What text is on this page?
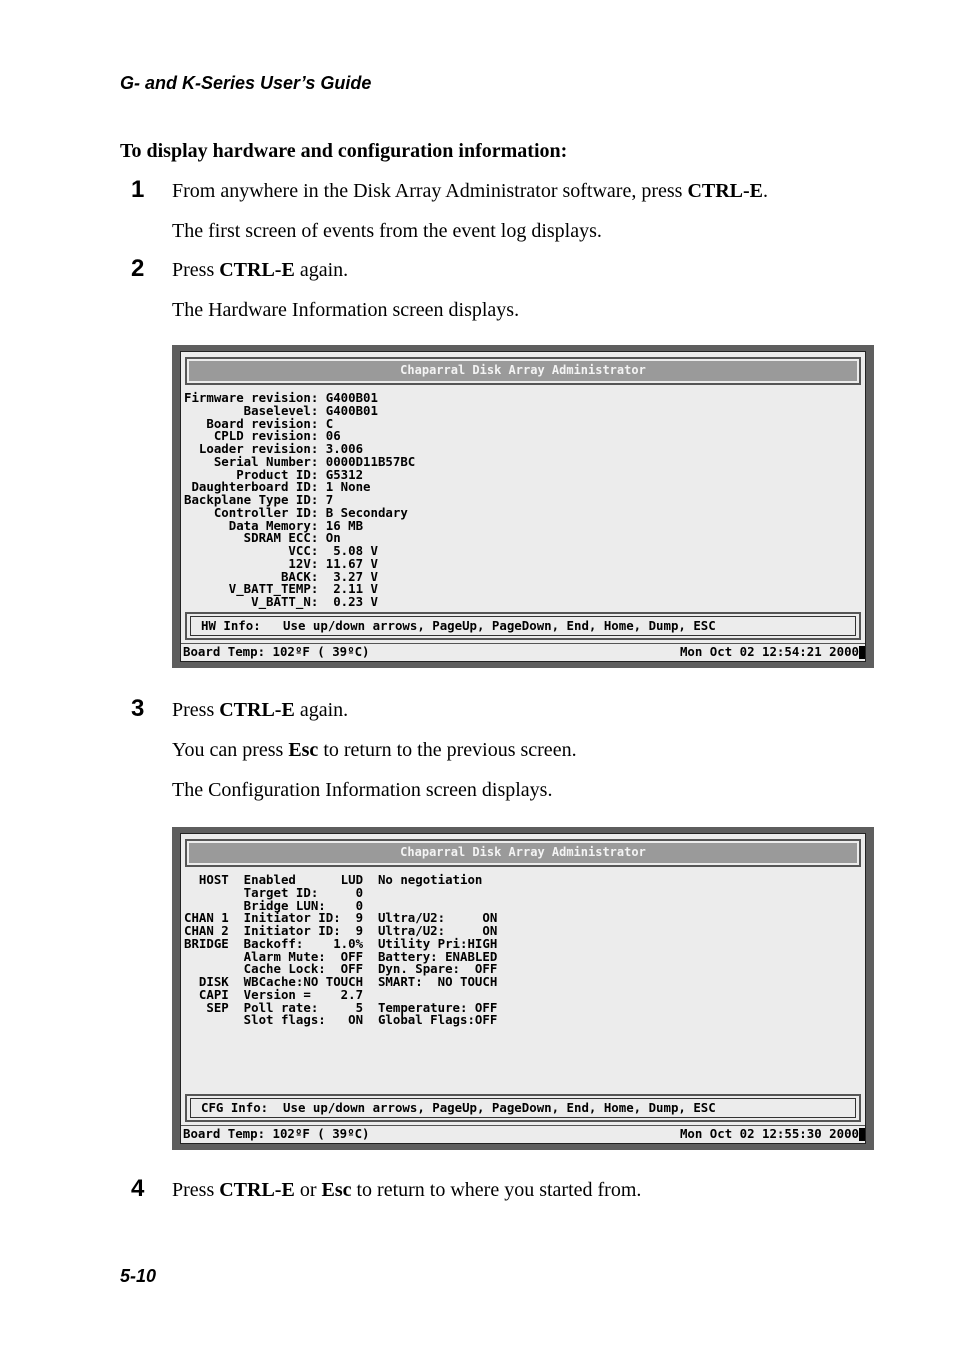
G- and K-Series User’s Guide
To display hardware and configuration information:
1 From anywhere in the Disk Array Administrator software, press CTRL-E.
The first screen of events from the event log displays.
2 Press CTRL-E again.
The Hardware Information screen displays.
Chaparral Disk Array Administrator
Firmware revision: G400B01
Baselevel: G400B01
Board revision: C
CPLD revision: 06
Loader revision: 3.006
Serial Number: 0000D11B57BC
Product ID: G5312
Daughterboard ID: 1 None
Backplane Type ID: 7
Controller ID: B Secondary
Data Memory: 16 MB
SDRAM ECC: On
VCC:  5.08 V
12V: 11.67 V
BACK:  3.27 V
V_BATT_TEMP:  2.11 V
V_BATT_N:  0.23 V
HW Info:   Use up/down arrows, PageUp, PageDown, End, Home, Dump, ESC

Board Temp: 102ºF ( 39ºC)

	Mon Oct 02 12:54:21 2000

3 Press CTRL-E again.
You can press Esc to return to the previous screen.
The Configuration Information screen displays.
Chaparral Disk Array Administrator
HOST  Enabled      LUD  No negotiation
Target ID:     0
Bridge LUN:    0
CHAN 1  Initiator ID:  9  Ultra/U2:     ON
CHAN 2  Initiator ID:  9  Ultra/U2:     ON
BRIDGE  Backoff:    1.0%  Utility Pri:HIGH
Alarm Mute:  OFF  Battery: ENABLED
Cache Lock:  OFF  Dyn. Spare:  OFF
DISK  WBCache:NO TOUCH  SMART:  NO TOUCH
CAPI  Version =    2.7
SEP  Poll rate:     5  Temperature: OFF
Slot flags:   ON  Global Flags:OFF
CFG Info:  Use up/down arrows, PageUp, PageDown, End, Home, Dump, ESC

Board Temp: 102ºF ( 39ºC)

	Mon Oct 02 12:55:30 2000

4 Press CTRL-E or Esc to return to where you started from.
5-10
